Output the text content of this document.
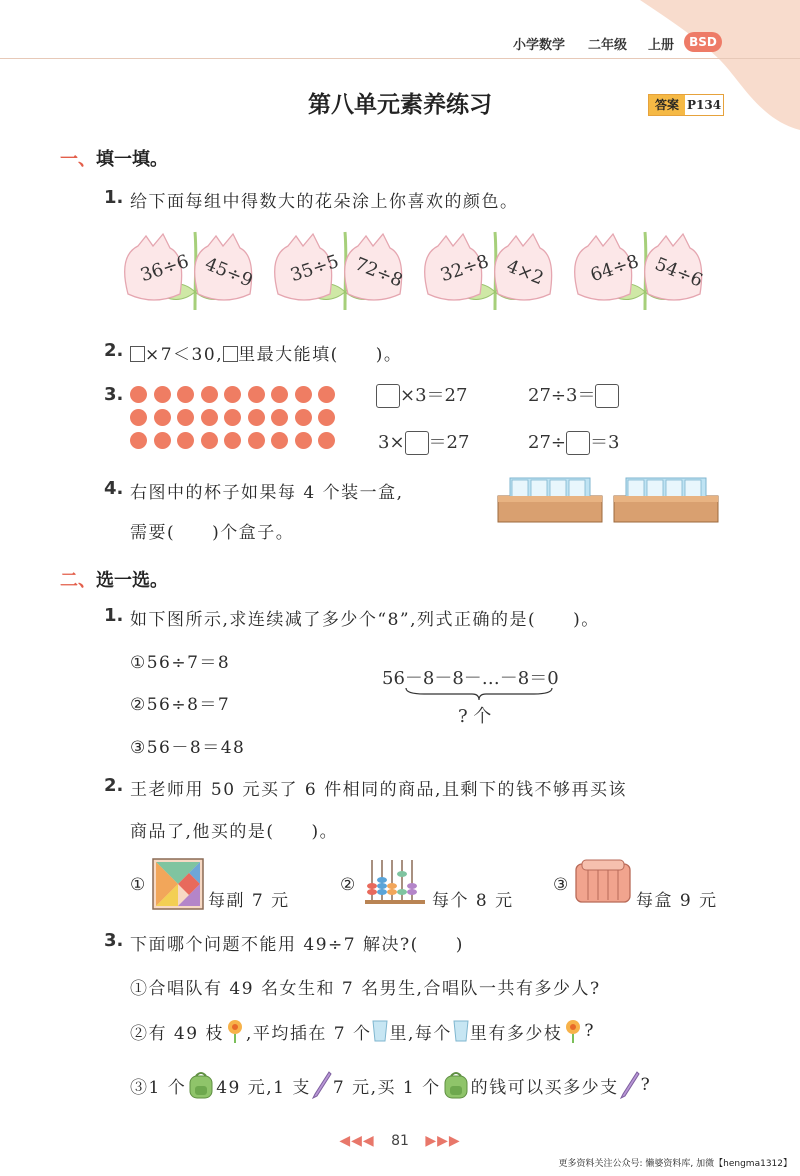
小学数学 二年级 上册	BSD
第八单元素养练习	答案 P134
一、填一填。
1. 给下面每组中得数大的花朵涂上你喜欢的颜色。
36÷6 45÷9 35÷5 72÷8 32÷8 4×2 64÷8 54÷6
2.	×7＜30, 里最大能填(　　)。
3.	×3＝27	27÷3＝
3× ＝27	27÷ ＝3
4. 右图中的杯子如果每 4 个装一盒,
需要(　　)个盒子。
二、选一选。
1. 如下图所示,求连续减了多少个“8”,列式正确的是(　　)。
①56÷7＝8
②56÷8＝7
③56－8＝48
56－8－8－…－8＝0
? 个
2. 王老师用 50 元买了 6 件相同的商品,且剩下的钱不够再买该
商品了,他买的是(　　)。
①
每副 7 元
②
每个 8 元
③
每盒 9 元
3. 下面哪个问题不能用 49÷7 解决?(　　)
①合唱队有 49 名女生和 7 名男生,合唱队一共有多少人?
②有 49 枝 ,平均插在 7 个 里,每个 里有多少枝 ?
③1 个 49 元,1 支 7 元,买 1 个 的钱可以买多少支 ?
◀◀◀ 81 ▶▶▶
更多资料关注公众号: 懒婆资料库, 加微【hengma1312】
